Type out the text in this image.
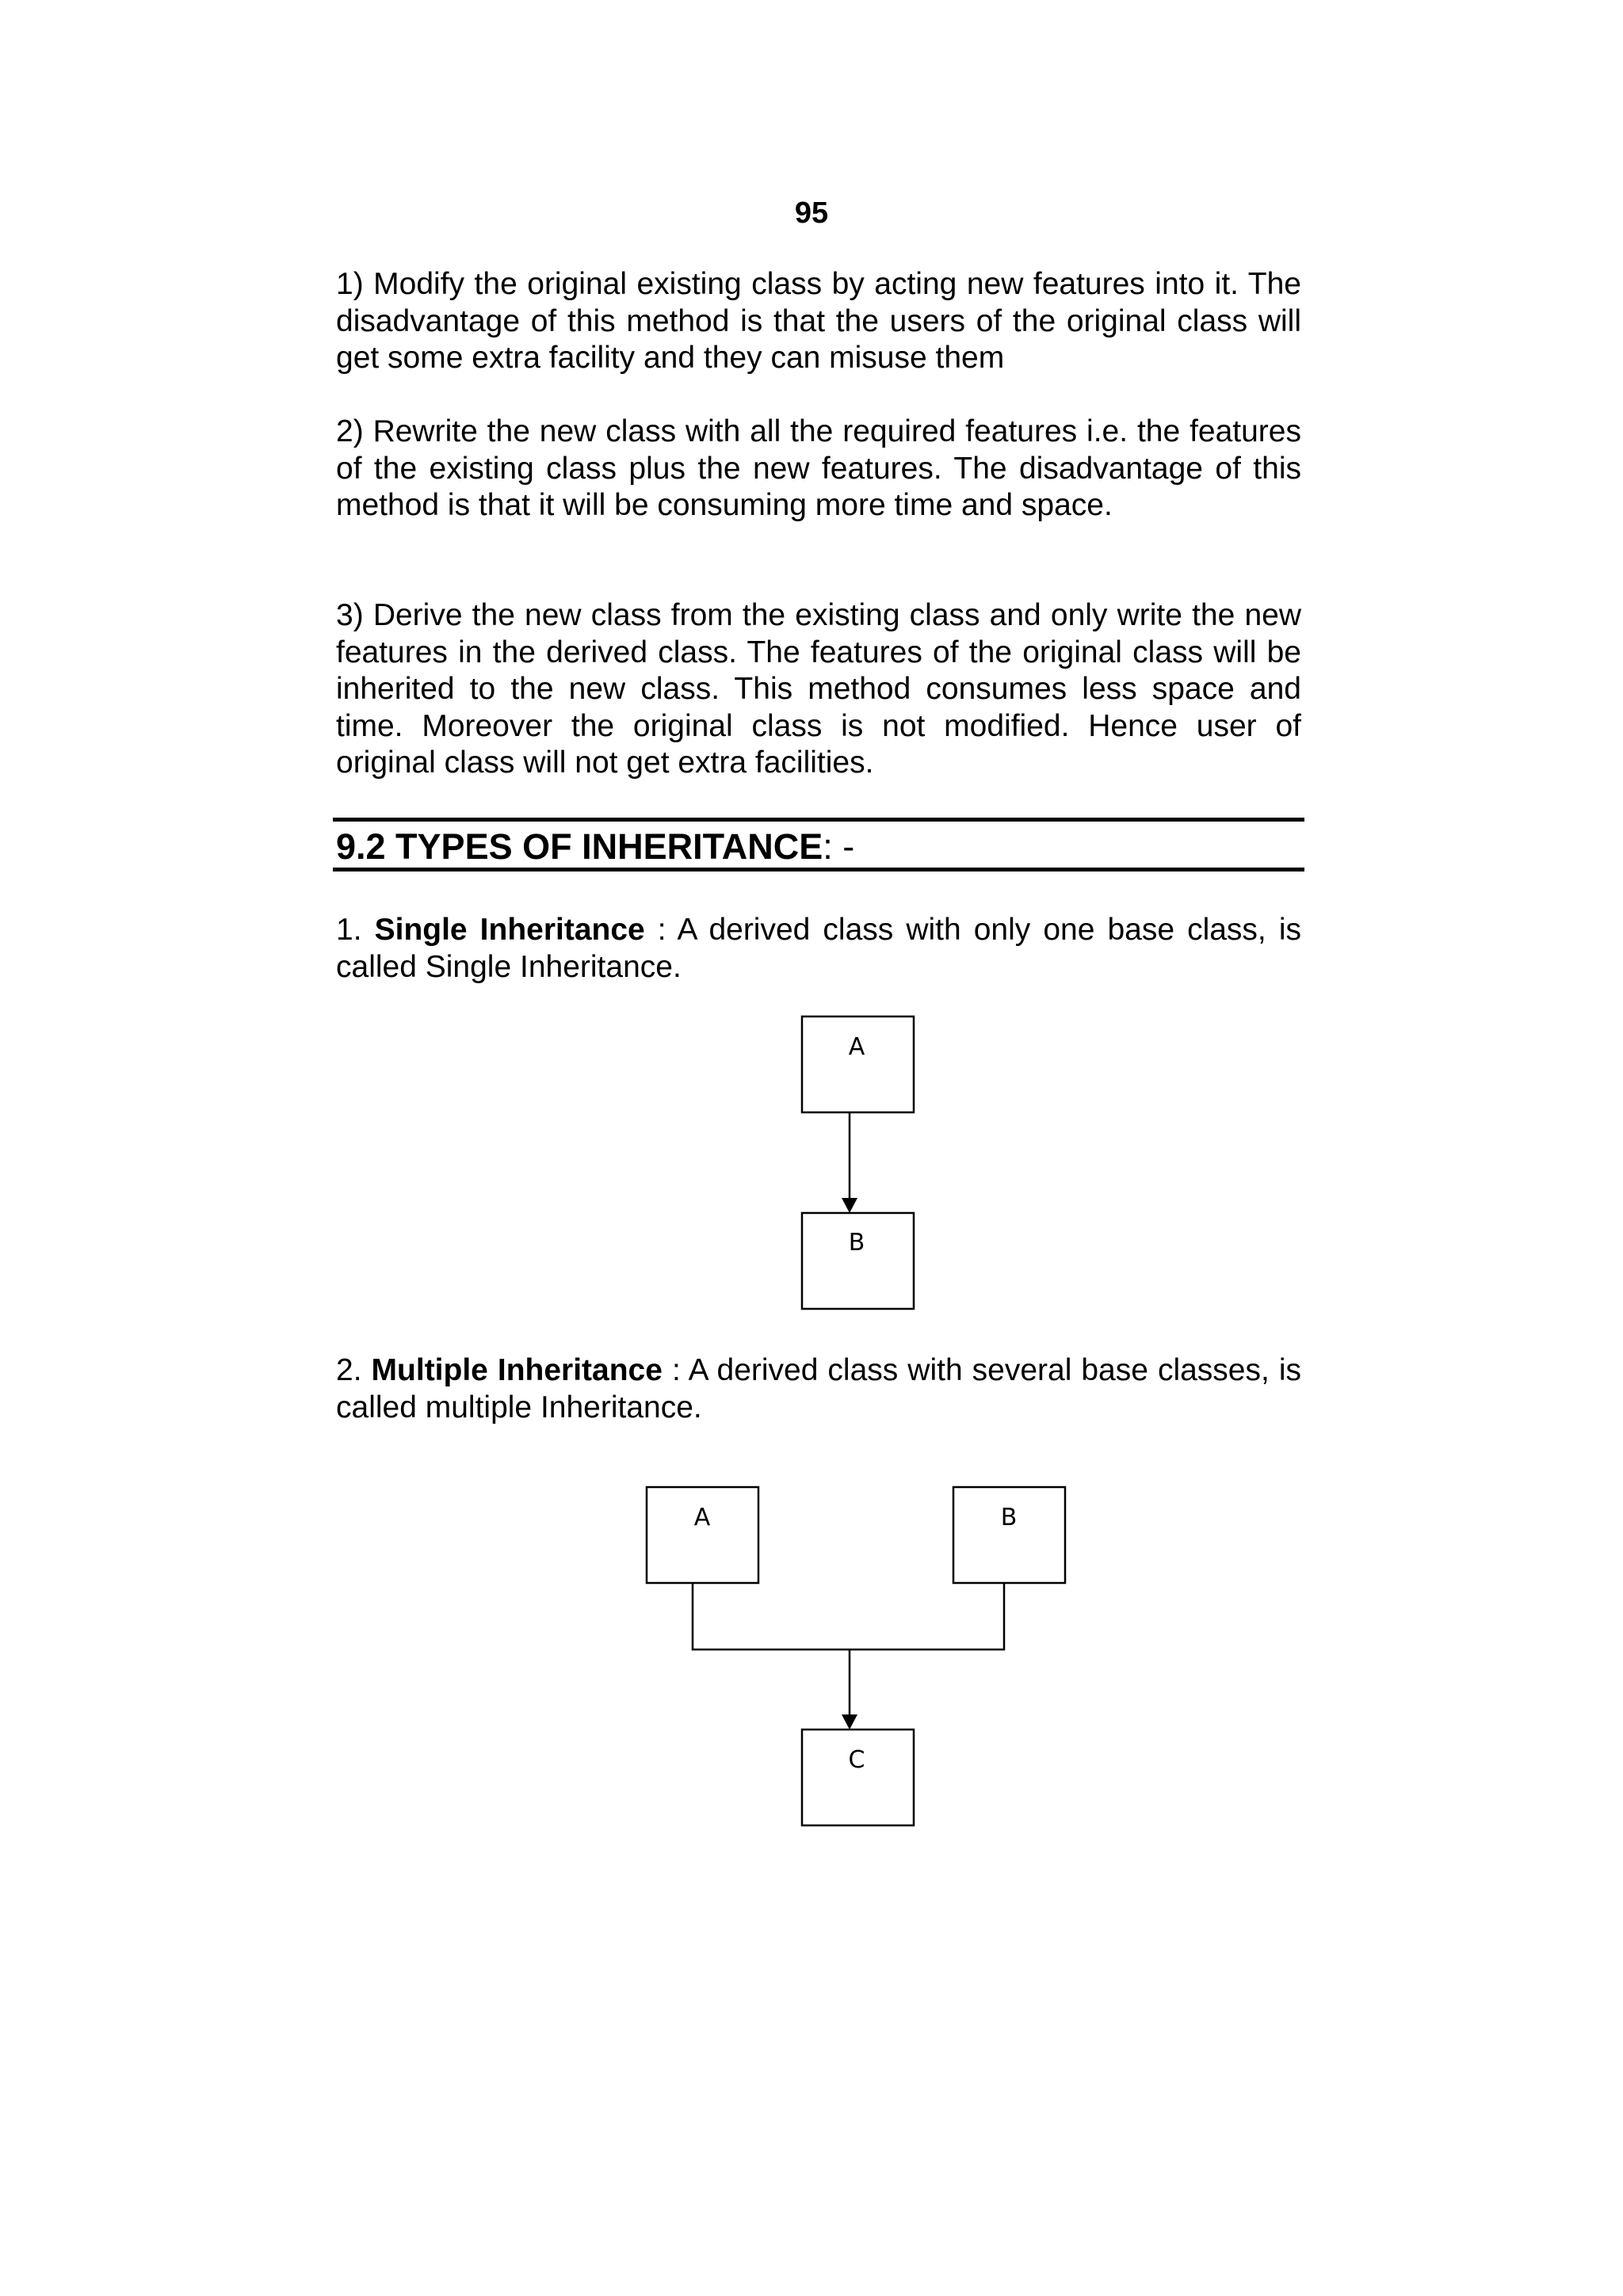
95

1) Modify the original existing class by acting new features into it. The disadvantage of this method is that the users of the original class will get some extra facility and they can misuse them

2) Rewrite the new class with all the required features i.e. the features of the existing class plus the new features. The disadvantage of this method is that it will be consuming more time and space.

3) Derive the new class from the existing class and only write the new features in the derived class. The features of the original class will be inherited to the new class. This method consumes less space and time. Moreover the original class is not modified. Hence user of original class will not get extra facilities.

9.2 TYPES OF INHERITANCE: -

1. Single Inheritance : A derived class with only one base class, is called Single Inheritance.

2. Multiple Inheritance : A derived class with several base classes, is called multiple Inheritance.

A
B
A	B
C
